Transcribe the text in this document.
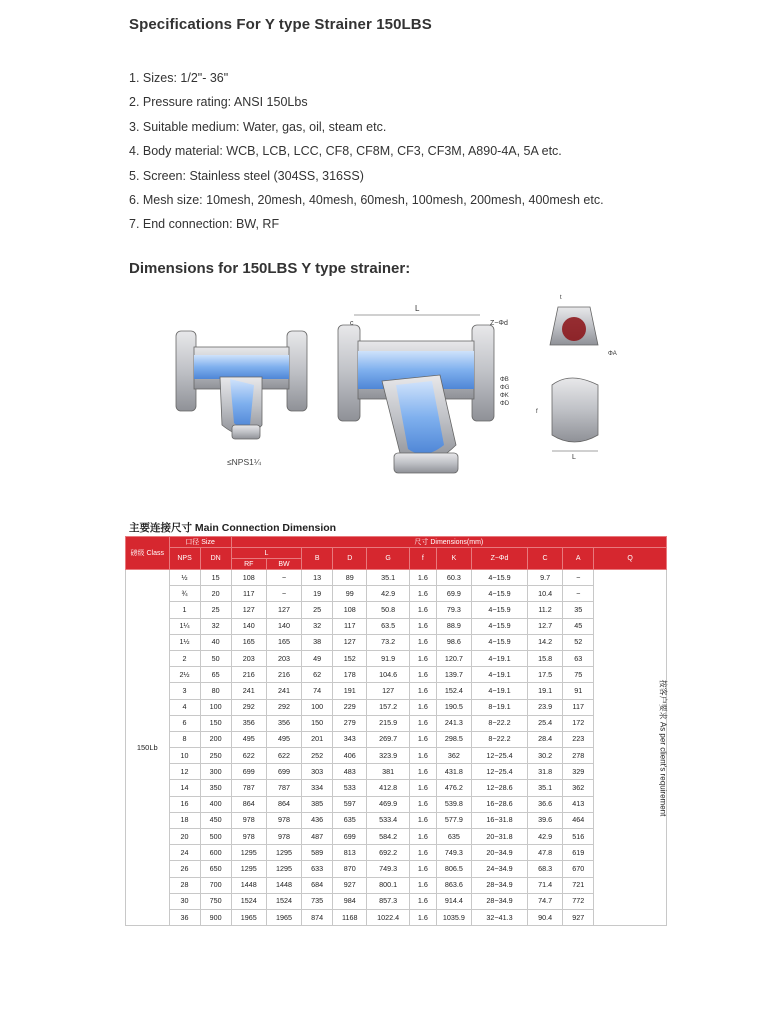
Specifications For Y type Strainer 150LBS
1. Sizes: 1/2"- 36"
2. Pressure rating: ANSI 150Lbs
3. Suitable medium: Water, gas, oil, steam etc.
4. Body material: WCB, LCB, LCC, CF8, CF8M, CF3, CF3M, A890-4A, 5A etc.
5. Screen: Stainless steel (304SS, 316SS)
6. Mesh size: 10mesh, 20mesh, 40mesh, 60mesh, 100mesh, 200mesh, 400mesh etc.
7. End connection: BW, RF
Dimensions for 150LBS Y type strainer:
L
Z−Φd
c
ΦB
ΦG
ΦK
ΦD
ΦA
t
L
f
≤NPS1¼
主要连接尺寸 Main Connection Dimension
磅级 Class	口径 Size		尺寸 Dimensions(mm)										
	NPS	DN	L		B	D	G	f	K	Z−Φd	C	A	Q
			RF	BW									
150Lb	½	15	108	−	13	89	35.1	1.6	60.3	4−15.9	9.7	−	按客户要求 As per client's requirement
	¾	20	117	−	19	99	42.9	1.6	69.9	4−15.9	10.4	−	
	1	25	127	127	25	108	50.8	1.6	79.3	4−15.9	11.2	35	
	1¼	32	140	140	32	117	63.5	1.6	88.9	4−15.9	12.7	45	
	1½	40	165	165	38	127	73.2	1.6	98.6	4−15.9	14.2	52	
	2	50	203	203	49	152	91.9	1.6	120.7	4−19.1	15.8	63	
	2½	65	216	216	62	178	104.6	1.6	139.7	4−19.1	17.5	75	
	3	80	241	241	74	191	127	1.6	152.4	4−19.1	19.1	91	
	4	100	292	292	100	229	157.2	1.6	190.5	8−19.1	23.9	117	
	6	150	356	356	150	279	215.9	1.6	241.3	8−22.2	25.4	172	
	8	200	495	495	201	343	269.7	1.6	298.5	8−22.2	28.4	223	
	10	250	622	622	252	406	323.9	1.6	362	12−25.4	30.2	278	
	12	300	699	699	303	483	381	1.6	431.8	12−25.4	31.8	329	
	14	350	787	787	334	533	412.8	1.6	476.2	12−28.6	35.1	362	
	16	400	864	864	385	597	469.9	1.6	539.8	16−28.6	36.6	413	
	18	450	978	978	436	635	533.4	1.6	577.9	16−31.8	39.6	464	
	20	500	978	978	487	699	584.2	1.6	635	20−31.8	42.9	516	
	24	600	1295	1295	589	813	692.2	1.6	749.3	20−34.9	47.8	619	
	26	650	1295	1295	633	870	749.3	1.6	806.5	24−34.9	68.3	670	
	28	700	1448	1448	684	927	800.1	1.6	863.6	28−34.9	71.4	721	
	30	750	1524	1524	735	984	857.3	1.6	914.4	28−34.9	74.7	772	
	36	900	1965	1965	874	1168	1022.4	1.6	1035.9	32−41.3	90.4	927	
